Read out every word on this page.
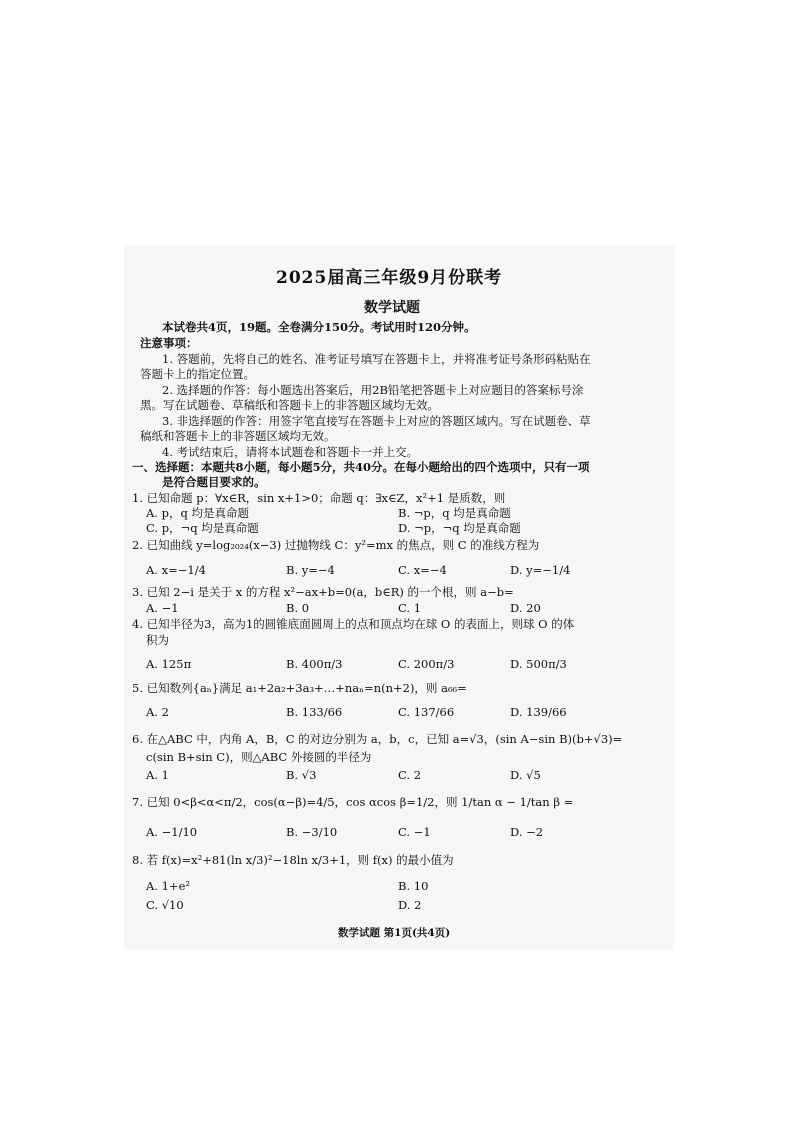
2025届高三年级9月份联考
数学试题
本试卷共4页，19题。全卷满分150分。考试用时120分钟。
注意事项：
1. 答题前，先将自己的姓名、准考证号填写在答题卡上，并将准考证号条形码粘贴在
答题卡上的指定位置。
2. 选择题的作答：每小题选出答案后，用2B铅笔把答题卡上对应题目的答案标号涂
黑。写在试题卷、草稿纸和答题卡上的非答题区域均无效。
3. 非选择题的作答：用签字笔直接写在答题卡上对应的答题区域内。写在试题卷、草
稿纸和答题卡上的非答题区域均无效。
4. 考试结束后，请将本试题卷和答题卡一并上交。
一、选择题：本题共8小题，每小题5分，共40分。在每小题给出的四个选项中，只有一项
是符合题目要求的。
1. 已知命题 p：∀x∈R，sin x+1>0；命题 q：∃x∈Z，x²+1 是质数，则
A. p，q 均是真命题	B. ¬p，q 均是真命题
C. p，¬q 均是真命题	D. ¬p，¬q 均是真命题
2. 已知曲线 y=log₂₀₂₄(x−3) 过抛物线 C：y²=mx 的焦点，则 C 的准线方程为
A. x=−1/4	B. y=−4	C. x=−4	D. y=−1/4
3. 已知 2−i 是关于 x 的方程 x²−ax+b=0(a，b∈R) 的一个根，则 a−b=
A. −1	B. 0	C. 1	D. 20
4. 已知半径为3，高为1的圆锥底面圆周上的点和顶点均在球 O 的表面上，则球 O 的体
积为
A. 125π	B. 400π/3	C. 200π/3	D. 500π/3
5. 已知数列{aₙ}满足 a₁+2a₂+3a₃+…+naₙ=n(n+2)，则 a₆₆=
A. 2	B. 133/66	C. 137/66	D. 139/66
6. 在△ABC 中，内角 A，B，C 的对边分别为 a，b，c，已知 a=√3，(sin A−sin B)(b+√3)=
c(sin B+sin C)，则△ABC 外接圆的半径为
A. 1	B. √3	C. 2	D. √5
7. 已知 0<β<α<π/2，cos(α−β)=4/5，cos αcos β=1/2，则 1/tan α − 1/tan β =
A. −1/10	B. −3/10	C. −1	D. −2
8. 若 f(x)=x²+81(ln x/3)²−18ln x/3+1，则 f(x) 的最小值为
A. 1+e²	B. 10
C. √10	D. 2
数学试题 第1页(共4页)
